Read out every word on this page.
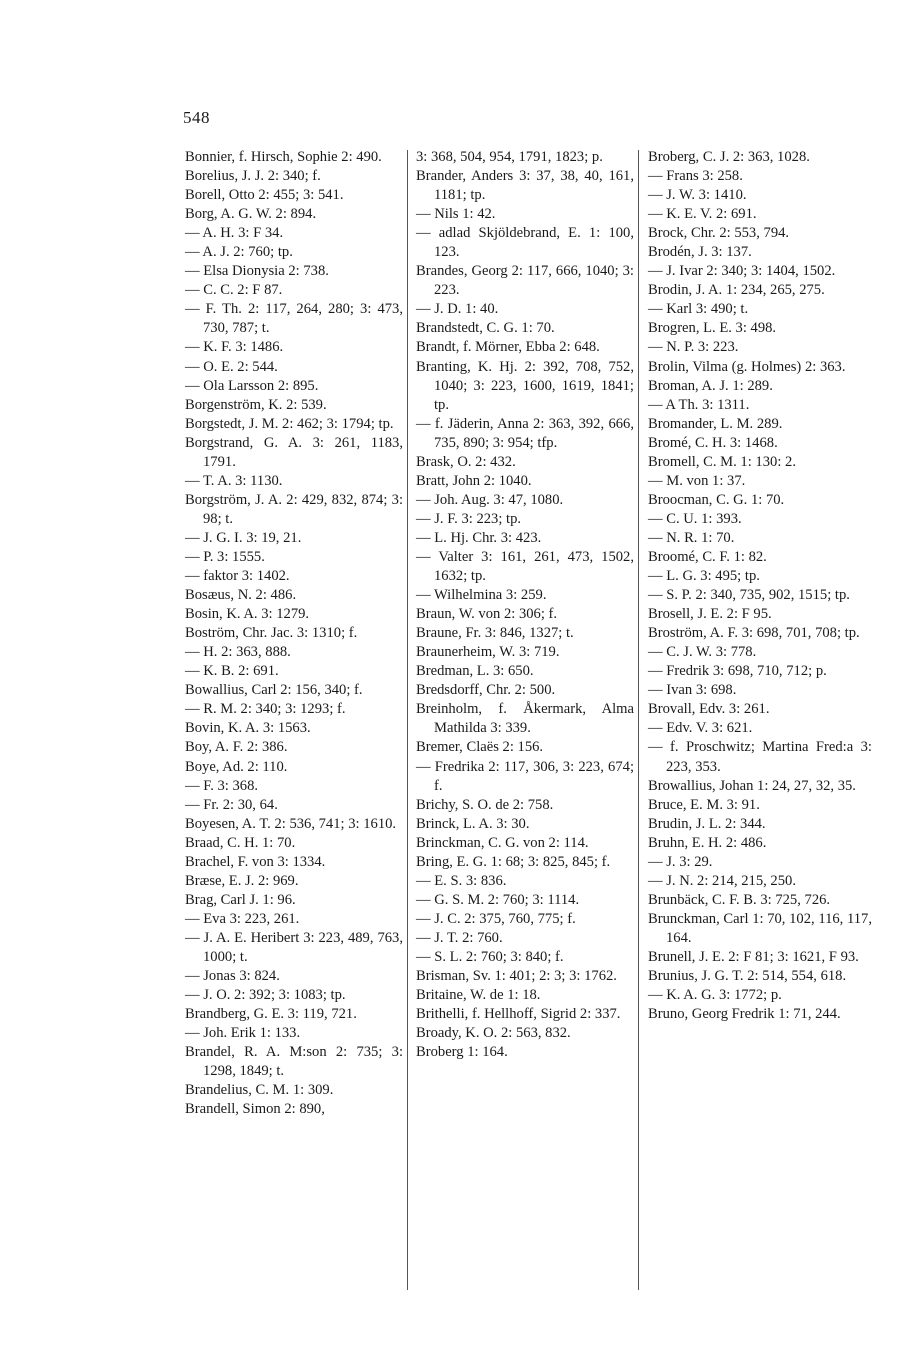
548

Bonnier, f. Hirsch, Sophie 2: 490.

Borelius, J. J. 2: 340; f.

Borell, Otto 2: 455; 3: 541.

Borg, A. G. W. 2: 894.

— A. H. 3: F 34.

— A. J. 2: 760; tp.

— Elsa Dionysia 2: 738.

— C. C. 2: F 87.

— F. Th. 2: 117, 264, 280; 3: 473, 730, 787; t.

— K. F. 3: 1486.

— O. E. 2: 544.

— Ola Larsson 2: 895.

Borgenström, K. 2: 539.

Borgstedt, J. M. 2: 462; 3: 1794; tp.

Borgstrand, G. A. 3: 261, 1183, 1791.

— T. A. 3: 1130.

Borgström, J. A. 2: 429, 832, 874; 3: 98; t.

— J. G. I. 3: 19, 21.

— P. 3: 1555.

— faktor 3: 1402.

Bosæus, N. 2: 486.

Bosin, K. A. 3: 1279.

Boström, Chr. Jac. 3: 1310; f.

— H. 2: 363, 888.

— K. B. 2: 691.

Bowallius, Carl 2: 156, 340; f.

— R. M. 2: 340; 3: 1293; f.

Bovin, K. A. 3: 1563.

Boy, A. F. 2: 386.

Boye, Ad. 2: 110.

— F. 3: 368.

— Fr. 2: 30, 64.

Boyesen, A. T. 2: 536, 741; 3: 1610.

Braad, C. H. 1: 70.

Brachel, F. von 3: 1334.

Bræse, E. J. 2: 969.

Brag, Carl J. 1: 96.

— Eva 3: 223, 261.

— J. A. E. Heribert 3: 223, 489, 763, 1000; t.

— Jonas 3: 824.

— J. O. 2: 392; 3: 1083; tp.

Brandberg, G. E. 3: 119, 721.

— Joh. Erik 1: 133.

Brandel, R. A. M:son 2: 735; 3: 1298, 1849; t.

Brandelius, C. M. 1: 309.

Brandell, Simon 2: 890,

3: 368, 504, 954, 1791, 1823; p.

Brander, Anders 3: 37, 38, 40, 161, 1181; tp.

— Nils 1: 42.

— adlad Skjöldebrand, E. 1: 100, 123.

Brandes, Georg 2: 117, 666, 1040; 3: 223.

— J. D. 1: 40.

Brandstedt, C. G. 1: 70.

Brandt, f. Mörner, Ebba 2: 648.

Branting, K. Hj. 2: 392, 708, 752, 1040; 3: 223, 1600, 1619, 1841; tp.

— f. Jäderin, Anna 2: 363, 392, 666, 735, 890; 3: 954; tfp.

Brask, O. 2: 432.

Bratt, John 2: 1040.

— Joh. Aug. 3: 47, 1080.

— J. F. 3: 223; tp.

— L. Hj. Chr. 3: 423.

— Valter 3: 161, 261, 473, 1502, 1632; tp.

— Wilhelmina 3: 259.

Braun, W. von 2: 306; f.

Braune, Fr. 3: 846, 1327; t.

Braunerheim, W. 3: 719.

Bredman, L. 3: 650.

Bredsdorff, Chr. 2: 500.

Breinholm, f. Åkermark, Alma Mathilda 3: 339.

Bremer, Claës 2: 156.

— Fredrika 2: 117, 306, 3: 223, 674; f.

Brichy, S. O. de 2: 758.

Brinck, L. A. 3: 30.

Brinckman, C. G. von 2: 114.

Bring, E. G. 1: 68; 3: 825, 845; f.

— E. S. 3: 836.

— G. S. M. 2: 760; 3: 1114.

— J. C. 2: 375, 760, 775; f.

— J. T. 2: 760.

— S. L. 2: 760; 3: 840; f.

Brisman, Sv. 1: 401; 2: 3; 3: 1762.

Britaine, W. de 1: 18.

Brithelli, f. Hellhoff, Sigrid 2: 337.

Broady, K. O. 2: 563, 832.

Broberg 1: 164.

Broberg, C. J. 2: 363, 1028.

— Frans 3: 258.

— J. W. 3: 1410.

— K. E. V. 2: 691.

Brock, Chr. 2: 553, 794.

Brodén, J. 3: 137.

— J. Ivar 2: 340; 3: 1404, 1502.

Brodin, J. A. 1: 234, 265, 275.

— Karl 3: 490; t.

Brogren, L. E. 3: 498.

— N. P. 3: 223.

Brolin, Vilma (g. Holmes) 2: 363.

Broman, A. J. 1: 289.

— A Th. 3: 1311.

Bromander, L. M. 289.

Bromé, C. H. 3: 1468.

Bromell, C. M. 1: 130: 2.

— M. von 1: 37.

Broocman, C. G. 1: 70.

— C. U. 1: 393.

— N. R. 1: 70.

Broomé, C. F. 1: 82.

— L. G. 3: 495; tp.

— S. P. 2: 340, 735, 902, 1515; tp.

Brosell, J. E. 2: F 95.

Broström, A. F. 3: 698, 701, 708; tp.

— C. J. W. 3: 778.

— Fredrik 3: 698, 710, 712; p.

— Ivan 3: 698.

Brovall, Edv. 3: 261.

— Edv. V. 3: 621.

— f. Proschwitz; Martina Fred:a 3: 223, 353.

Browallius, Johan 1: 24, 27, 32, 35.

Bruce, E. M. 3: 91.

Brudin, J. L. 2: 344.

Bruhn, E. H. 2: 486.

— J. 3: 29.

— J. N. 2: 214, 215, 250.

Brunbäck, C. F. B. 3: 725, 726.

Brunckman, Carl 1: 70, 102, 116, 117, 164.

Brunell, J. E. 2: F 81; 3: 1621, F 93.

Brunius, J. G. T. 2: 514, 554, 618.

— K. A. G. 3: 1772; p.

Bruno, Georg Fredrik 1: 71, 244.
